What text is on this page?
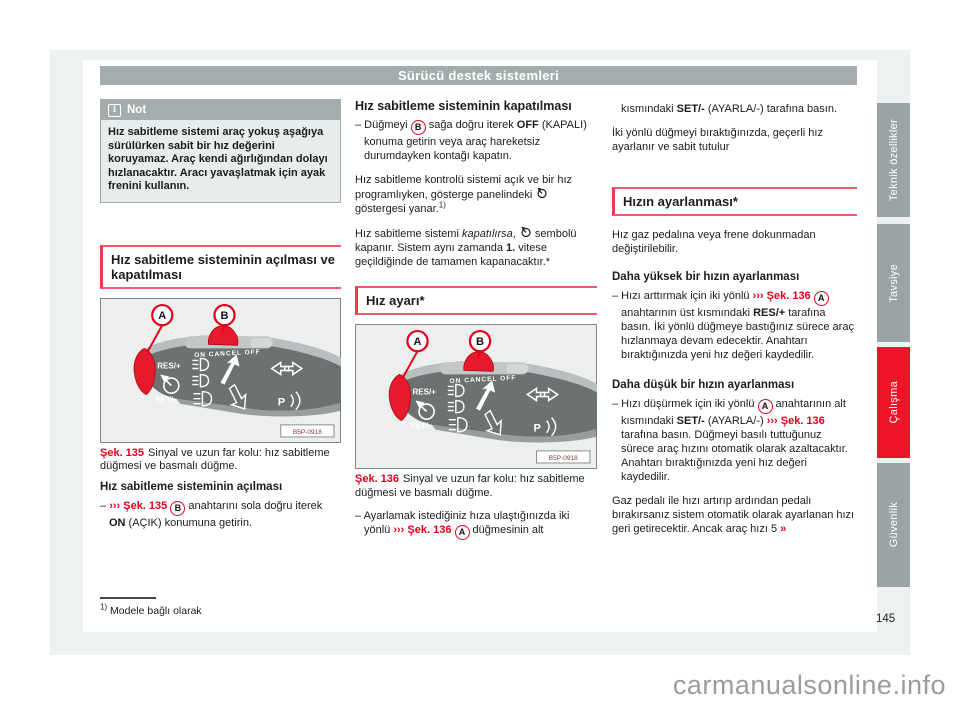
Sürücü destek sistemleri
i Not
Hız sabitleme sistemi araç yokuş aşağıya sürülürken sabit bir hız değerini koruyamaz. Araç kendi ağırlığından dolayı hızlanacaktır. Aracı yavaşlatmak için ayak frenini kullanın.
Hız sabitleme sisteminin açılması ve kapatılması
ON CANCEL OFF
RES/+
SET/–	P
A	B
B5P-0918

Şek. 135 Sinyal ve uzun far kolu: hız sabitleme düğmesi ve basmalı düğme.

Hız sabitleme sisteminin açılması

– ››› Şek. 135 B anahtarını sola doğru iterek ON (AÇIK) konumuna getirin.

Hız sabitleme sisteminin kapatılması

– Düğmeyi B sağa doğru iterek OFF (KAPALI) konuma getirin veya araç hareketsiz durumdayken kontağı kapatın.

Hız sabitleme kontrolü sistemi açık ve bir hız programlıyken, gösterge panelindeki  göstergesi yanar.$^{1)}$

Hız sabitleme sistemi kapatılırsa,  sembolü kapanır. Sistem aynı zamanda 1. vitese geçildiğinde de tamamen kapanacaktır.*

Hız ayarı*
ON CANCEL OFF
RES/+
SET/–	P
A	B
B5P-0918

Şek. 136 Sinyal ve uzun far kolu: hız sabitleme düğmesi ve basmalı düğme.

– Ayarlamak istediğiniz hıza ulaştığınızda iki yönlü ››› Şek. 136 A düğmesinin alt

kısmındaki SET/- (AYARLA/-) tarafına basın.

İki yönlü düğmeyi bıraktığınızda, geçerli hız ayarlanır ve sabit tutulur

Hızın ayarlanması*

Hız gaz pedalına veya frene dokunmadan değiştirilebilir.

Daha yüksek bir hızın ayarlanması

– Hızı arttırmak için iki yönlü ››› Şek. 136 A anahtarının üst kısmındaki RES/+ tarafına basın. İki yönlü düğmeye bastığınız sürece araç hızlanmaya devam edecektir. Anahtarı bıraktığınızda yeni hız değeri kaydedilir.

Daha düşük bir hızın ayarlanması

– Hızı düşürmek için iki yönlü A anahtarının alt kısmındaki SET/- (AYARLA/-) ››› Şek. 136 tarafına basın. Düğmeyi basılı tuttuğunuz sürece araç hızını otomatik olarak azaltacaktır. Anahtarı bıraktığınızda yeni hız değeri kaydedilir.

Gaz pedalı ile hızı artırıp ardından pedalı bırakırsanız sistem otomatik olarak ayarlanan hızı geri getirecektir. Ancak araç hızı 5 »

$^{1)}$ Modele bağlı olarak

145
Teknik özellikler
Tavsiye
Çalışma
Güvenlik
carmanualsonline.info
